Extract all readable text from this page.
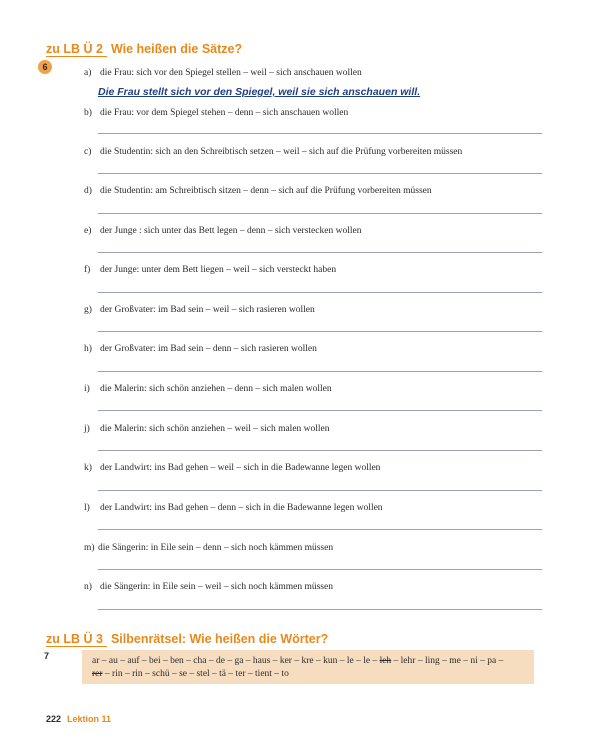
zu LB Ü 2 Wie heißen die Sätze?
6
a) die Frau: sich vor den Spiegel stellen – weil – sich anschauen wollen
Die Frau stellt sich vor den Spiegel, weil sie sich anschauen will.
b) die Frau: vor dem Spiegel stehen – denn – sich anschauen wollen
c) die Studentin: sich an den Schreibtisch setzen – weil – sich auf die Prüfung vorbereiten müssen
d) die Studentin: am Schreibtisch sitzen – denn – sich auf die Prüfung vorbereiten müssen
e) der Junge : sich unter das Bett legen – denn – sich verstecken wollen
f) der Junge: unter dem Bett liegen – weil – sich versteckt haben
g) der Großvater: im Bad sein – weil – sich rasieren wollen
h) der Großvater: im Bad sein – denn – sich rasieren wollen
i) die Malerin: sich schön anziehen – denn – sich malen wollen
j) die Malerin: sich schön anziehen – weil – sich malen wollen
k) der Landwirt: ins Bad gehen – weil – sich in die Badewanne legen wollen
l) der Landwirt: ins Bad gehen – denn – sich in die Badewanne legen wollen
m) die Sängerin: in Eile sein – denn – sich noch kämmen müssen
n) die Sängerin: in Eile sein – weil – sich noch kämmen müssen
zu LB Ü 3 Silbenrätsel: Wie heißen die Wörter?
7	ar – au – auf – bei – ben – cha – de – ga – haus – ker – kre – kun – le – le – leh – lehr – ling – me – ni – pa –
rer – rin – rin – schü – se – stel – tä – ter – tient – to
222 Lektion 11
